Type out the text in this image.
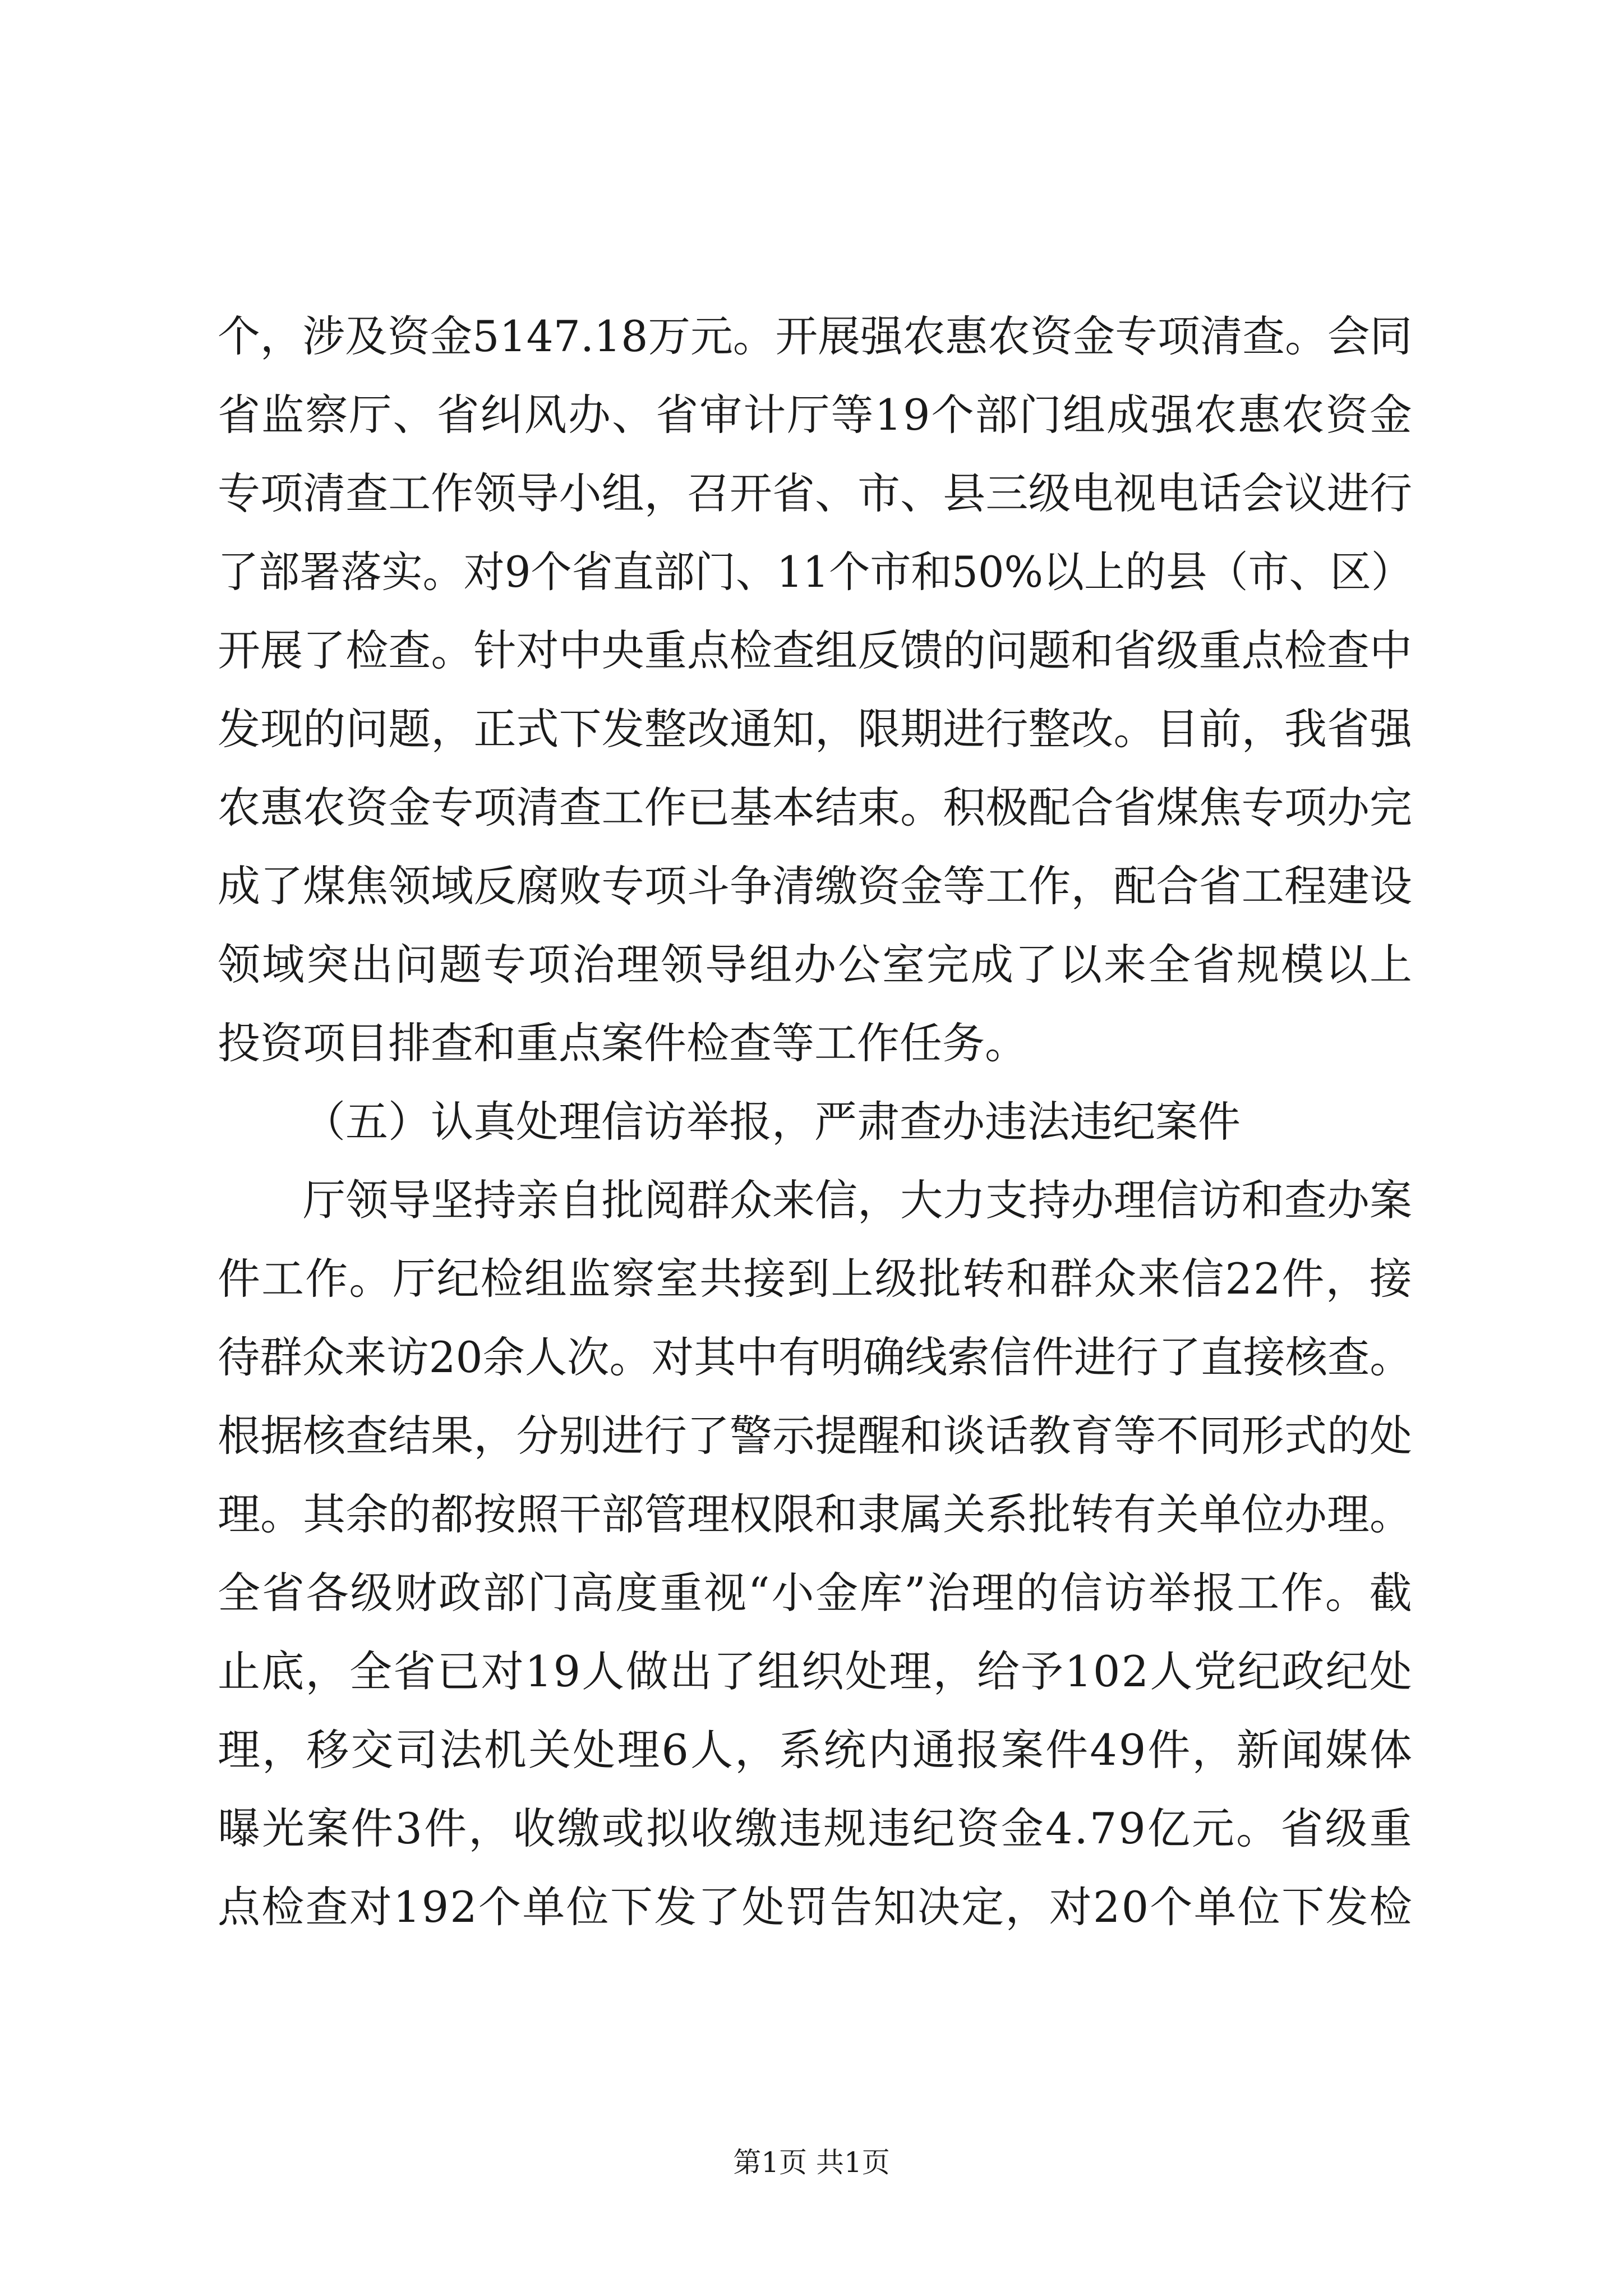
个，涉及资金5147.18万元。开展强农惠农资金专项清查。会同
省监察厅、省纠风办、省审计厅等19个部门组成强农惠农资金
专项清查工作领导小组，召开省、市、县三级电视电话会议进行
了部署落实。对9个省直部门、11个市和50%以上的县（市、区）
开展了检查。针对中央重点检查组反馈的问题和省级重点检查中
发现的问题，正式下发整改通知，限期进行整改。目前，我省强
农惠农资金专项清查工作已基本结束。积极配合省煤焦专项办完
成了煤焦领域反腐败专项斗争清缴资金等工作，配合省工程建设
领域突出问题专项治理领导组办公室完成了以来全省规模以上
投资项目排查和重点案件检查等工作任务。
（五）认真处理信访举报，严肃查办违法违纪案件
厅领导坚持亲自批阅群众来信，大力支持办理信访和查办案
件工作。厅纪检组监察室共接到上级批转和群众来信22件，接
待群众来访20余人次。对其中有明确线索信件进行了直接核查。
根据核查结果，分别进行了警示提醒和谈话教育等不同形式的处
理。其余的都按照干部管理权限和隶属关系批转有关单位办理。
全省各级财政部门高度重视“小金库”治理的信访举报工作。截
止底，全省已对19人做出了组织处理，给予102人党纪政纪处
理，移交司法机关处理6人，系统内通报案件49件，新闻媒体
曝光案件3件，收缴或拟收缴违规违纪资金4.79亿元。省级重
点检查对192个单位下发了处罚告知决定，对20个单位下发检
第1页 共1页
